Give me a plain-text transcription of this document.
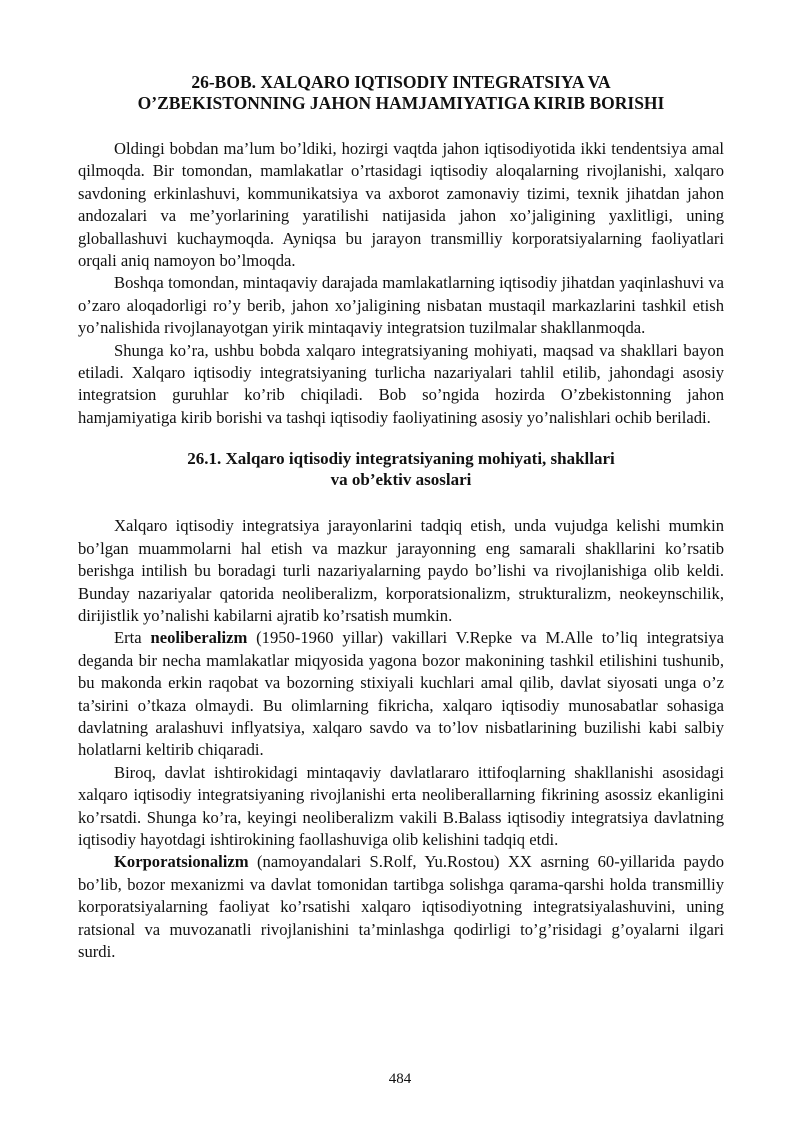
26-BOB. XALQARO IQTISODIY INTEGRATSIYA VA
O’ZBEKISTONNING JAHON HAMJAMIYATIGA KIRIB BORISHI

Oldingi bobdan ma’lum bo’ldiki, hozirgi vaqtda jahon iqtisodiyotida ikki tendentsiya amal qilmoqda. Bir tomondan, mamlakatlar o’rtasidagi iqtisodiy aloqalarning rivojlanishi, xalqaro savdoning erkinlashuvi, kommunikatsiya va axborot zamonaviy tizimi, texnik jihatdan jahon andozalari va me’yorlarining yaratilishi natijasida jahon xo’jaligining yaxlitligi, uning globallashuvi kuchaymoqda. Ayniqsa bu jarayon transmilliy korporatsiyalarning faoliyatlari orqali aniq namoyon bo’lmoqda.

Boshqa tomondan, mintaqaviy darajada mamlakatlarning iqtisodiy jihatdan yaqinlashuvi va o’zaro aloqadorligi ro’y berib, jahon xo’jaligining nisbatan mustaqil markazlarini tashkil etish yo’nalishida rivojlanayotgan yirik mintaqaviy integratsion tuzilmalar shakllanmoqda.

Shunga ko’ra, ushbu bobda xalqaro integratsiyaning mohiyati, maqsad va shakllari bayon etiladi. Xalqaro iqtisodiy integratsiyaning turlicha nazariyalari tahlil etilib, jahondagi asosiy integratsion guruhlar ko’rib chiqiladi. Bob so’ngida hozirda O’zbekistonning jahon hamjamiyatiga kirib borishi va tashqi iqtisodiy faoliyatining asosiy yo’nalishlari ochib beriladi.

26.1. Xalqaro iqtisodiy integratsiyaning mohiyati, shakllari
va ob’ektiv asoslari

Xalqaro iqtisodiy integratsiya jarayonlarini tadqiq etish, unda vujudga kelishi mumkin bo’lgan muammolarni hal etish va mazkur jarayonning eng samarali shakllarini ko’rsatib berishga intilish bu boradagi turli nazariyalarning paydo bo’lishi va rivojlanishiga olib keldi. Bunday nazariyalar qatorida neoliberalizm, korporatsionalizm, strukturalizm, neokeynschilik, dirijistlik yo’nalishi kabilarni ajratib ko’rsatish mumkin.

Erta neoliberalizm (1950-1960 yillar) vakillari V.Repke va M.Alle to’liq integratsiya deganda bir necha mamlakatlar miqyosida yagona bozor makonining tashkil etilishini tushunib, bu makonda erkin raqobat va bozorning stixiyali kuchlari amal qilib, davlat siyosati unga o’z ta’sirini o’tkaza olmaydi. Bu olimlarning fikricha, xalqaro iqtisodiy munosabatlar sohasiga davlatning aralashuvi inflyatsiya, xalqaro savdo va to’lov nisbatlarining buzilishi kabi salbiy holatlarni keltirib chiqaradi.

Biroq, davlat ishtirokidagi mintaqaviy davlatlararo ittifoqlarning shakllanishi asosidagi xalqaro iqtisodiy integratsiyaning rivojlanishi erta neoliberallarning fikrining asossiz ekanligini ko’rsatdi. Shunga ko’ra, keyingi neoliberalizm vakili B.Balass iqtisodiy integratsiya davlatning iqtisodiy hayotdagi ishtirokining faollashuviga olib kelishini tadqiq etdi.

Korporatsionalizm (namoyandalari S.Rolf, Yu.Rostou) XX asrning 60-yillarida paydo bo’lib, bozor mexanizmi va davlat tomonidan tartibga solishga qarama-qarshi holda transmilliy korporatsiyalarning faoliyat ko’rsatishi xalqaro iqtisodiyotning integratsiyalashuvini, uning ratsional va muvozanatli rivojlanishini ta’minlashga qodirligi to’g’risidagi g’oyalarni ilgari surdi.

484
